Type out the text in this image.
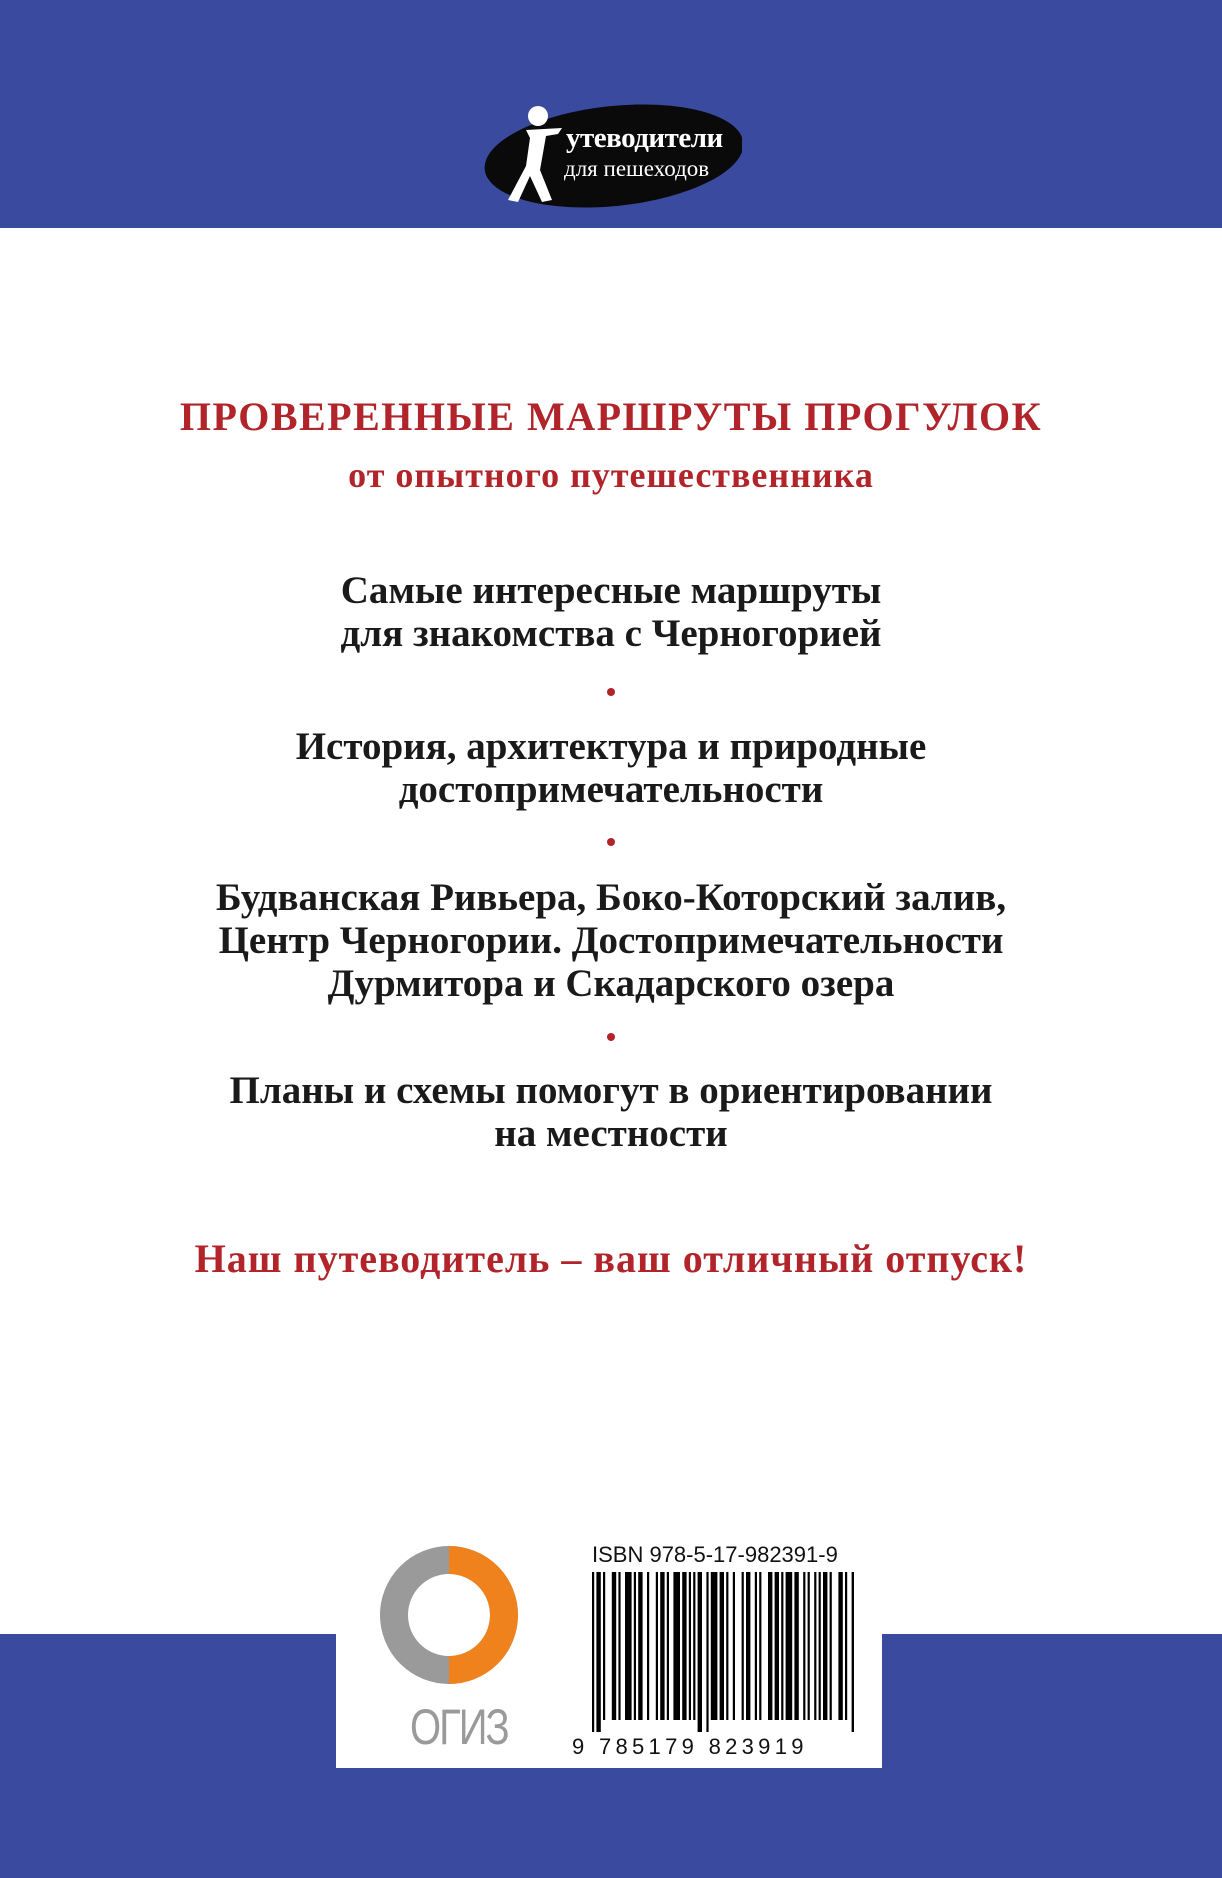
утеводители
для пешеходов
ПРОВЕРЕННЫЕ МАРШРУТЫ ПРОГУЛОК
от опытного путешественника
Самые интересные маршруты
для знакомства с Черногорией
История, архитектура и природные
достопримечательности
Будванская Ривьера, Боко-Которский залив,
Центр Черногории. Достопримечательности
Дурмитора и Скадарского озера
Планы и схемы помогут в ориентировании
на местности
Наш путеводитель – ваш отличный отпуск!
ОГИЗ
ISBN 978-5-17-982391-9
9 785179 823919
